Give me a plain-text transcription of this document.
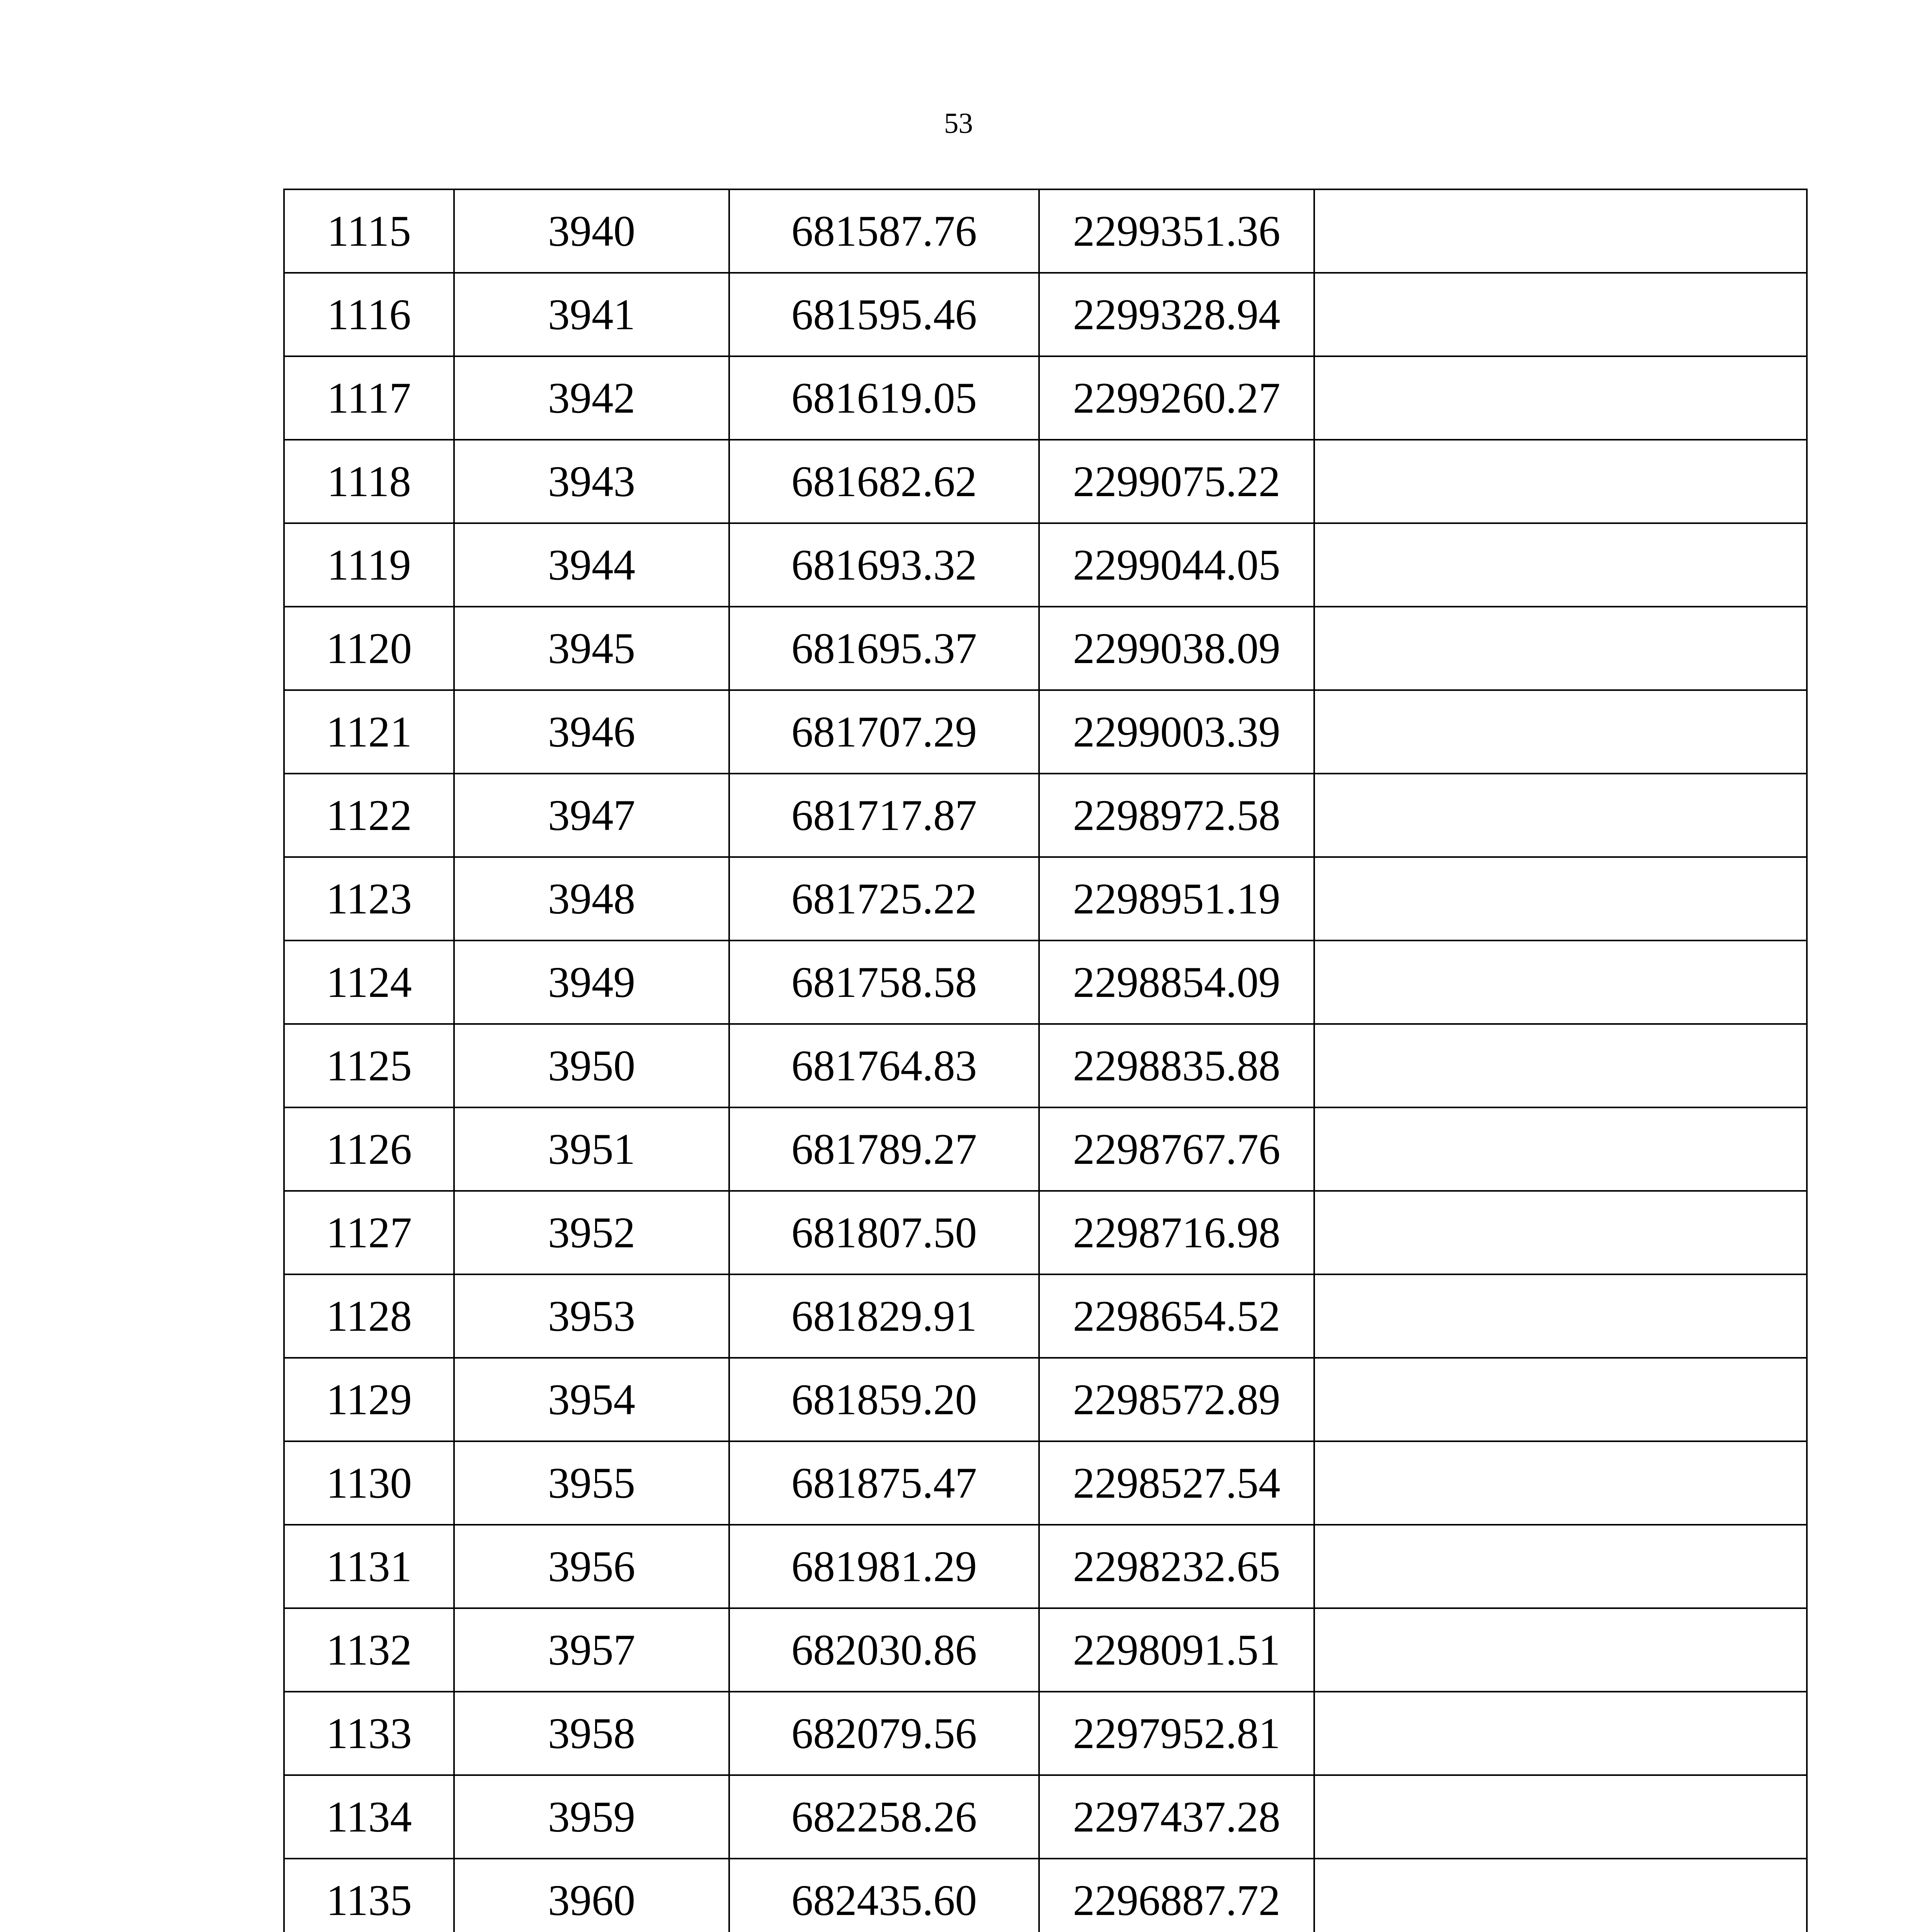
53
1115	3940	681587.76	2299351.36	
1116	3941	681595.46	2299328.94	
1117	3942	681619.05	2299260.27	
1118	3943	681682.62	2299075.22	
1119	3944	681693.32	2299044.05	
1120	3945	681695.37	2299038.09	
1121	3946	681707.29	2299003.39	
1122	3947	681717.87	2298972.58	
1123	3948	681725.22	2298951.19	
1124	3949	681758.58	2298854.09	
1125	3950	681764.83	2298835.88	
1126	3951	681789.27	2298767.76	
1127	3952	681807.50	2298716.98	
1128	3953	681829.91	2298654.52	
1129	3954	681859.20	2298572.89	
1130	3955	681875.47	2298527.54	
1131	3956	681981.29	2298232.65	
1132	3957	682030.86	2298091.51	
1133	3958	682079.56	2297952.81	
1134	3959	682258.26	2297437.28	
1135	3960	682435.60	2296887.72	
